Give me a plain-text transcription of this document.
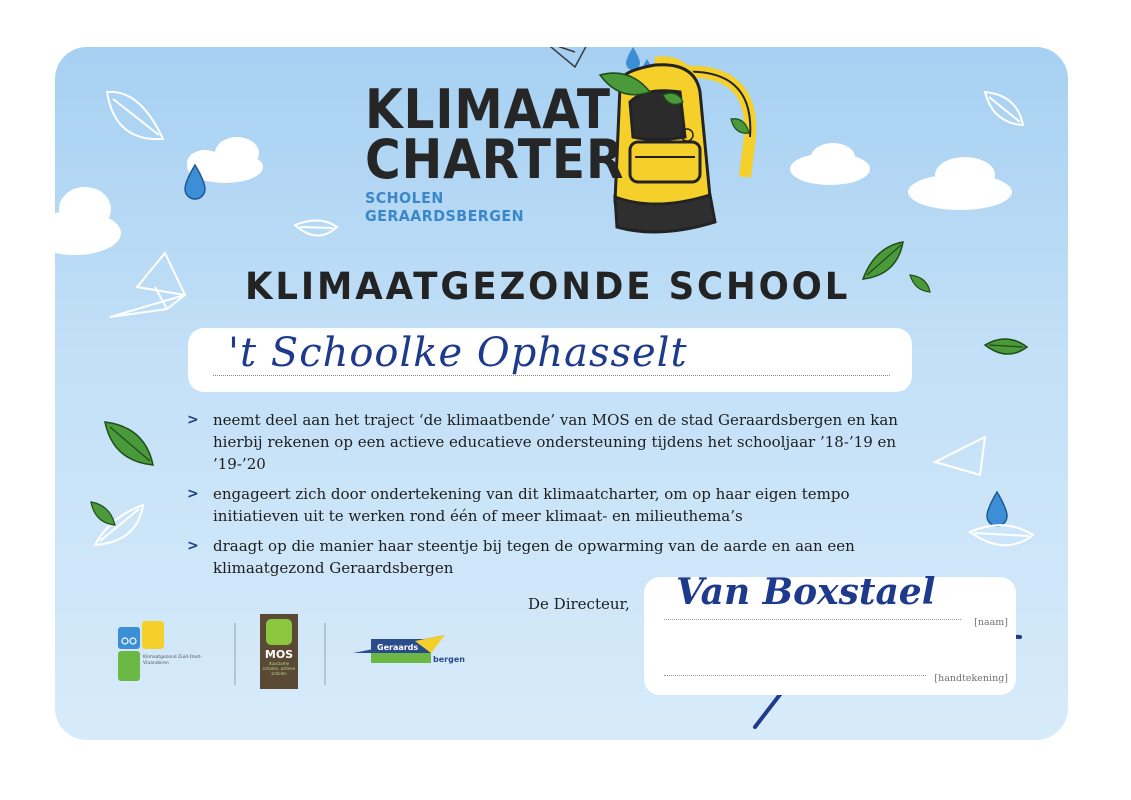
KLIMAAT
CHARTER
SCHOLEN GERAARDSBERGEN
KLIMAATGEZONDE SCHOOL
't Schoolke Ophasselt
> neemt deel aan het traject ‘de klimaatbende’ van MOS en de stad Geraardsbergen en kan hierbij rekenen op een actieve educatieve ondersteuning tijdens het schooljaar ’18-’19 en ’19-’20
> engageert zich door ondertekening van dit klimaatcharter, om op haar eigen tempo initiatieven uit te werken rond één of meer klimaat- en milieuthema’s
> draagt op die manier haar steentje bij tegen de opwarming van de aarde en aan een klimaatgezond Geraardsbergen
De Directeur, Van Boxstael
[naam]
[handtekening]
Klimaatgezond Zuid-Oost-Vlaanderen
MOS
duurzame scholen, actieve scholen
Geraards
bergen
